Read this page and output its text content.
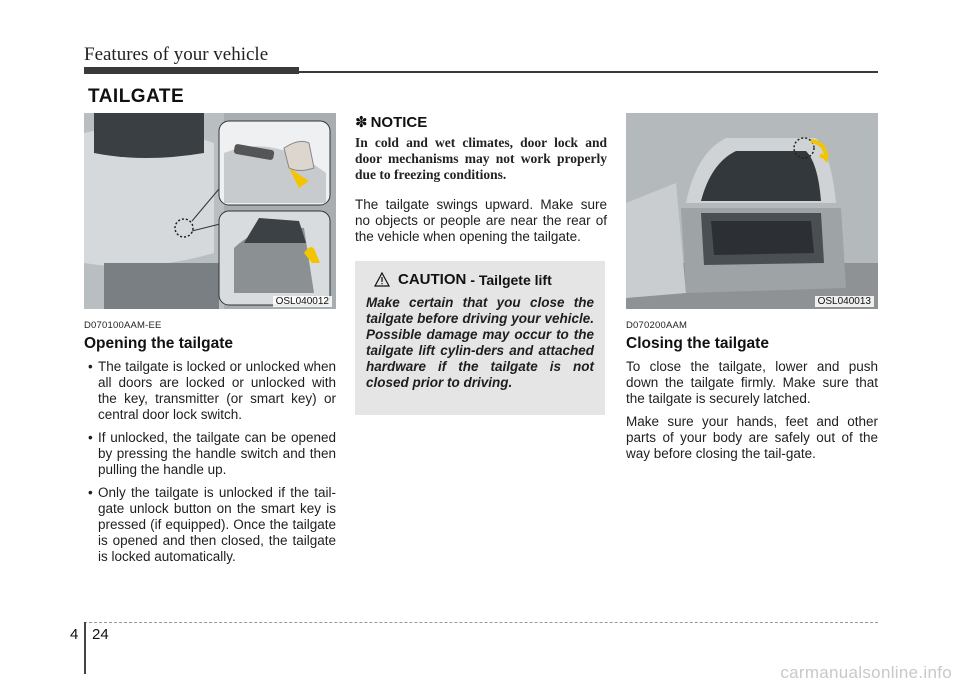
Features of your vehicle
TAILGATE
OSL040012
D070100AAM-EE
Opening the tailgate
• The tailgate is locked or unlocked when all doors are locked or unlocked with the key, transmitter (or smart key) or central door lock switch.
• If unlocked, the tailgate can be opened by pressing the handle switch and then pulling the handle up.
• Only the tailgate is unlocked if the tail-gate unlock button on the smart key is pressed (if equipped). Once the tailgate is opened and then closed, the tailgate is locked automatically.
✽ NOTICE

In cold and wet climates, door lock and door mechanisms may not work properly due to freezing conditions.

The tailgate swings upward. Make sure no objects or people are near the rear of the vehicle when opening the tailgate.

CAUTION - Tailgete lift
Make certain that you close the tailgate before driving your vehicle. Possible damage may occur to the tailgate lift cylin-ders and attached hardware if the tailgate is not closed prior to driving.
OSL040013
D070200AAM
Closing the tailgate

To close the tailgate, lower and push down the tailgate firmly. Make sure that the tailgate is securely latched.

Make sure your hands, feet and other parts of your body are safely out of the way before closing the tail-gate.

4 24
carmanualsonline.info
